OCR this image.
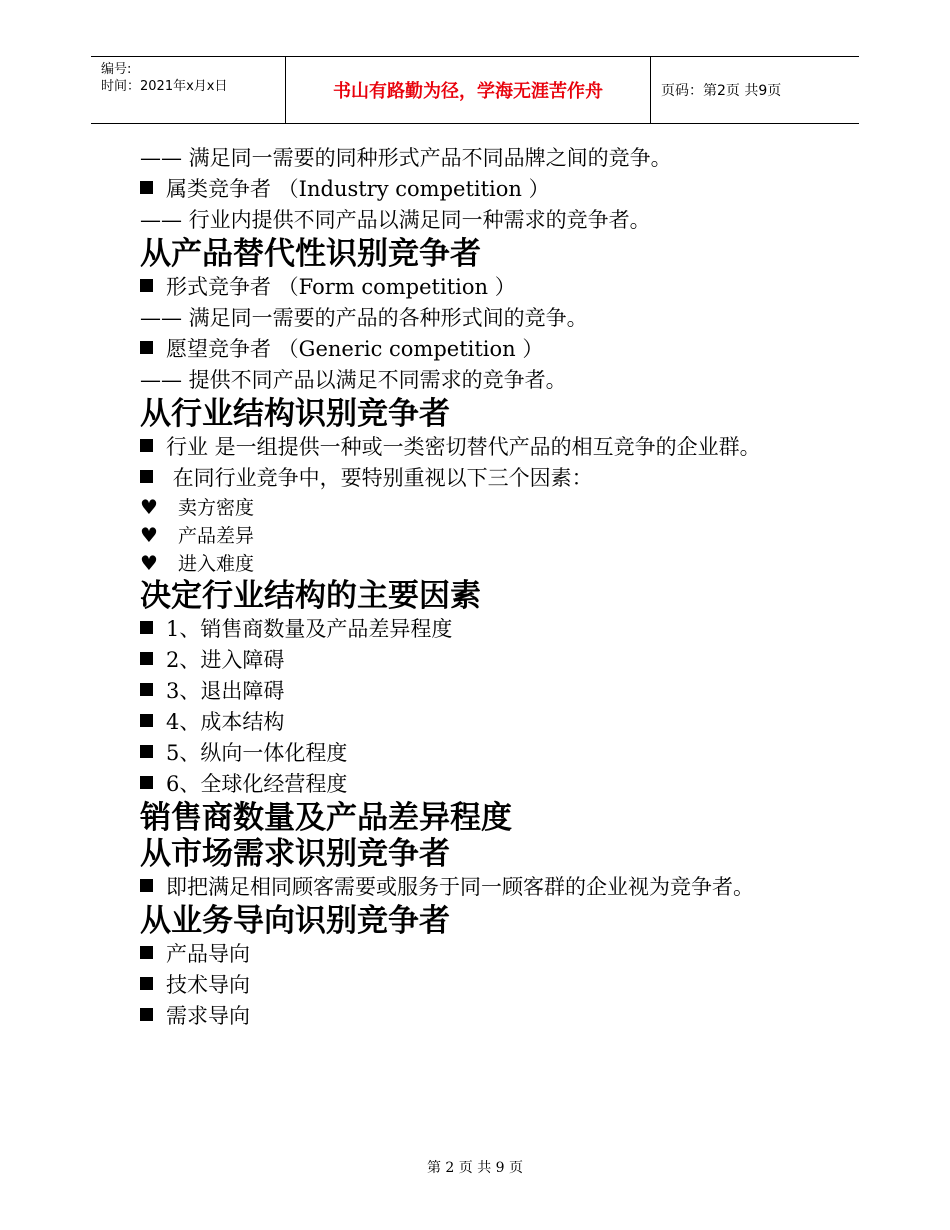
编号:
时间：2021年x月x日	书山有路勤为径，学海无涯苦作舟	页码：第2页 共9页
—— 满足同一需要的同种形式产品不同品牌之间的竞争。
属类竞争者 （Industry competition ）
—— 行业内提供不同产品以满足同一种需求的竞争者。
从产品替代性识别竞争者
形式竞争者 （Form competition ）
—— 满足同一需要的产品的各种形式间的竞争。
愿望竞争者 （Generic competition ）
—— 提供不同产品以满足不同需求的竞争者。
从行业结构识别竞争者
行业 是一组提供一种或一类密切替代产品的相互竞争的企业群。
在同行业竞争中，要特别重视以下三个因素：
♥ 卖方密度
♥ 产品差异
♥ 进入难度
决定行业结构的主要因素
1、销售商数量及产品差异程度
2、进入障碍
3、退出障碍
4、成本结构
5、纵向一体化程度
6、全球化经营程度
销售商数量及产品差异程度
从市场需求识别竞争者
即把满足相同顾客需要或服务于同一顾客群的企业视为竞争者。
从业务导向识别竞争者
产品导向
技术导向
需求导向
第 2 页 共 9 页
